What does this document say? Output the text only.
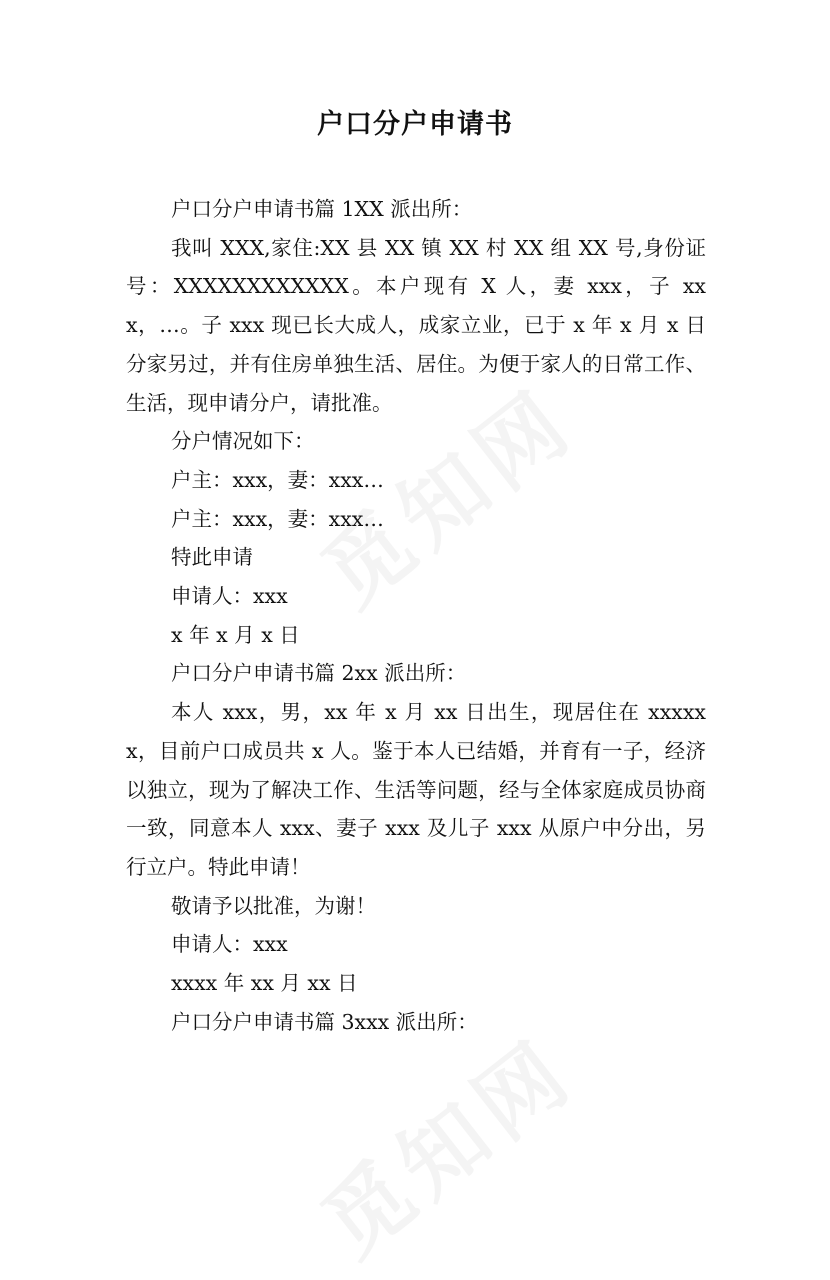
户口分户申请书

户口分户申请书篇 1XX 派出所：

我叫 XXX,家住:XX 县 XX 镇 XX 村 XX 组 XX 号,身份证号：XXXXXXXXXXXX。本户现有 X 人，妻 xxx，子 xxx，…。子 xxx 现已长大成人，成家立业，已于 x 年 x 月 x 日分家另过，并有住房单独生活、居住。为便于家人的日常工作、生活，现申请分户，请批准。

分户情况如下：

户主：xxx，妻：xxx…

户主：xxx，妻：xxx…

特此申请

申请人：xxx

x 年 x 月 x 日

户口分户申请书篇 2xx 派出所：

本人 xxx，男，xx 年 x 月 xx 日出生，现居住在 xxxxxx，目前户口成员共 x 人。鉴于本人已结婚，并育有一子，经济以独立，现为了解决工作、生活等问题，经与全体家庭成员协商一致，同意本人 xxx、妻子 xxx 及儿子 xxx 从原户中分出，另行立户。特此申请！

敬请予以批准，为谢！

申请人：xxx

xxxx 年 xx 月 xx 日

户口分户申请书篇 3xxx 派出所：
